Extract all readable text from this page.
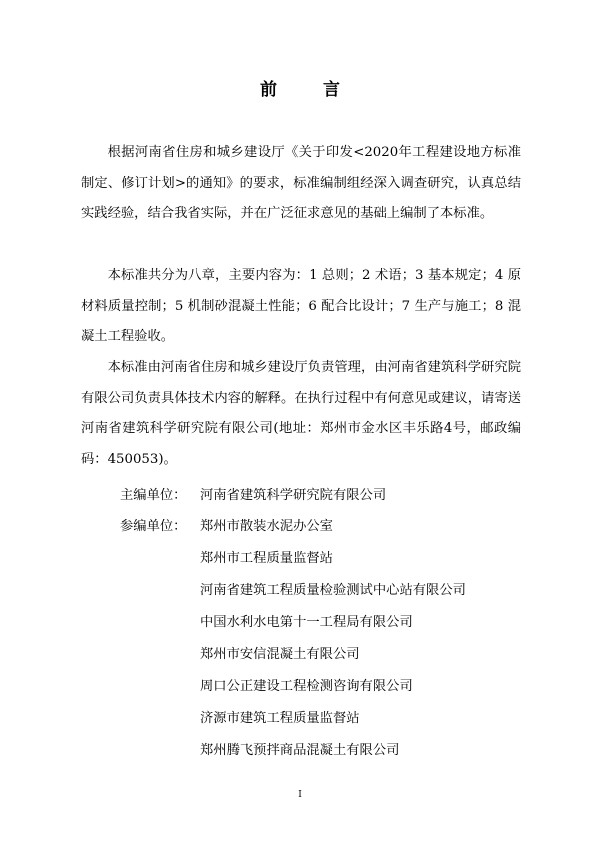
前 言

根据河南省住房和城乡建设厅《关于印发<2020年工程建设地方标准制定、修订计划>的通知》的要求，标准编制组经深入调查研究，认真总结实践经验，结合我省实际，并在广泛征求意见的基础上编制了本标准。

本标准共分为八章，主要内容为：1 总则；2 术语；3 基本规定；4 原材料质量控制；5 机制砂混凝土性能；6 配合比设计；7 生产与施工；8 混凝土工程验收。

本标准由河南省住房和城乡建设厅负责管理，由河南省建筑科学研究院有限公司负责具体技术内容的解释。在执行过程中有何意见或建议，请寄送河南省建筑科学研究院有限公司(地址：郑州市金水区丰乐路4号，邮政编码：450053)。

主编单位： 河南省建筑科学研究院有限公司
参编单位： 郑州市散装水泥办公室
郑州市工程质量监督站
河南省建筑工程质量检验测试中心站有限公司
中国水利水电第十一工程局有限公司
郑州市安信混凝土有限公司
周口公正建设工程检测咨询有限公司
济源市建筑工程质量监督站
郑州腾飞预拌商品混凝土有限公司
I
